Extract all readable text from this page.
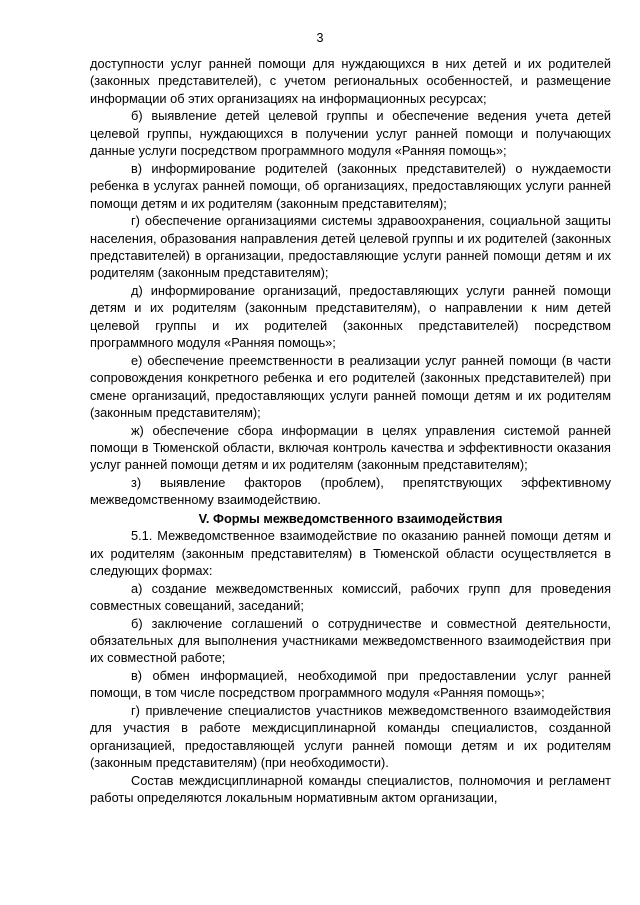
3

доступности услуг ранней помощи для нуждающихся в них детей и их родителей (законных представителей), с учетом региональных особенностей, и размещение информации об этих организациях на информационных ресурсах;

б) выявление детей целевой группы и обеспечение ведения учета детей целевой группы, нуждающихся в получении услуг ранней помощи и получающих данные услуги посредством программного модуля «Ранняя помощь»;

в) информирование родителей (законных представителей) о нуждаемости ребенка в услугах ранней помощи, об организациях, предоставляющих услуги ранней помощи детям и их родителям (законным представителям);

г) обеспечение организациями системы здравоохранения, социальной защиты населения, образования направления детей целевой группы и их родителей (законных представителей) в организации, предоставляющие услуги ранней помощи детям и их родителям (законным представителям);

д) информирование организаций, предоставляющих услуги ранней помощи детям и их родителям (законным представителям), о направлении к ним детей целевой группы и их родителей (законных представителей) посредством программного модуля «Ранняя помощь»;

е) обеспечение преемственности в реализации услуг ранней помощи (в части сопровождения конкретного ребенка и его родителей (законных представителей) при смене организаций, предоставляющих услуги ранней помощи детям и их родителям (законным представителям);

ж) обеспечение сбора информации в целях управления системой ранней помощи в Тюменской области, включая контроль качества и эффективности оказания услуг ранней помощи детям и их родителям (законным представителям);

з) выявление факторов (проблем), препятствующих эффективному межведомственному взаимодействию.

V. Формы межведомственного взаимодействия

5.1. Межведомственное взаимодействие по оказанию ранней помощи детям и их родителям (законным представителям) в Тюменской области осуществляется в следующих формах:

а) создание межведомственных комиссий, рабочих групп для проведения совместных совещаний, заседаний;

б) заключение соглашений о сотрудничестве и совместной деятельности, обязательных для выполнения участниками межведомственного взаимодействия при их совместной работе;

в) обмен информацией, необходимой при предоставлении услуг ранней помощи, в том числе посредством программного модуля «Ранняя помощь»;

г) привлечение специалистов участников межведомственного взаимодействия для участия в работе междисциплинарной команды специалистов, созданной организацией, предоставляющей услуги ранней помощи детям и их родителям (законным представителям) (при необходимости).

Состав междисциплинарной команды специалистов, полномочия и регламент работы определяются локальным нормативным актом организации,
